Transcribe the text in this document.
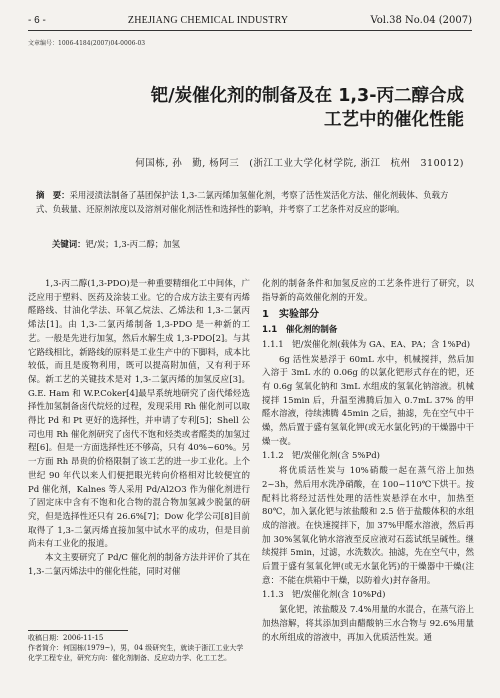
- 6 -	ZHEJIANG CHEMICAL INDUSTRY	Vol.38 No.04 (2007)
文章编号：1006-4184(2007)04-0006-03
钯/炭催化剂的制备及在 1,3-丙二醇合成
工艺中的催化性能
何国栋, 孙　勤, 杨阿三　(浙江工业大学化材学院, 浙江　杭州　310012)
摘　要：采用浸渍法制备了基团保护法 1,3-二氯丙烯加氢催化剂，考察了活性炭活化方法、催化剂载体、负载方式、负载量、还原剂浓度以及溶剂对催化剂活性和选择性的影响，并考察了工艺条件对反应的影响。
关键词：钯/炭；1,3-丙二醇；加氢

1,3-丙二醇(1,3-PDO)是一种重要精细化工中间体，广泛应用于塑料、医药及涂装工业。它的合成方法主要有丙烯醛路线、甘油化学法、环氧乙烷法、乙烯法和 1,3-二氯丙烯法[1]。由 1,3-二氯丙烯制备 1,3-PDO 是一种新的工艺。一般是先进行加氢，然后水解生成 1,3-PDO[2]。与其它路线相比，新路线的原料是工业生产中的下脚料，成本比较低，而且是废物利用，既可以提高附加值，又有利于环保。新工艺的关键技术是对 1,3-二氯丙烯的加氢反应[3]。G.E. Ham 和 W.P.Coker[4]最早系统地研究了卤代烯烃选择性加氢制备卤代烷烃的过程，发现采用 Rh 催化剂可以取得比 Pd 和 Pt 更好的选择性，并申请了专利[5]；Shell 公司也用 Rh 催化剂研究了卤代不饱和烃类或者醛类的加氢过程[6]。但是一方面选择性还不够高，只有 40%~60%。另一方面 Rh 昂贵的价格限制了该工艺的进一步工业化。上个世纪 90 年代以来人们便把眼光转向价格相对比较便宜的 Pd 催化剂，Kalnes 等人采用 Pd/Al2O3 作为催化剂进行了固定床中含有不饱和化合物的混合物加氢减少脱氯的研究，但是选择性还只有 26.6%[7]；Dow 化学公司[8]目前取得了 1,3-二氯丙烯直接加氢中试水平的成功，但是目前尚未有工业化的报道。

本文主要研究了 Pd/C 催化剂的制备方法并评价了其在 1,3-二氯丙烯法中的催化性能，同时对催

化剂的制备条件和加氢反应的工艺条件进行了研究，以指导新的高效催化剂的开发。

1　实验部分
1.1　催化剂的制备
1.1.1　钯/炭催化剂(载体为 GA、EA、PA；含 1%Pd)

6g 活性炭悬浮于 60mL 水中，机械搅拌，然后加入溶于 3mL 水的 0.06g 的以氯化钯形式存在的钯，还有 0.6g 氢氧化钠和 3mL 水组成的氢氧化钠溶液。机械搅拌 15min 后，升温至沸腾后加入 0.7mL 37% 的甲醛水溶液，待续沸腾 45min 之后，抽滤，先在空气中干燥，然后置于盛有氢氧化钾(或无水氯化钙)的干燥器中干燥一夜。

1.1.2　钯/炭催化剂(含 5%Pd)

将优质活性炭与 10%硝酸一起在蒸气浴上加热 2~3h，然后用水洗净硝酸，在 100~110℃下烘干。按配料比将经过活性处理的活性炭悬浮在水中，加热至 80℃，加入氯化钯与浓盐酸和 2.5 倍于盐酸体积的水组成的溶液。在快速搅拌下，加 37%甲醛水溶液，然后再加 30%氢氧化钠水溶液至反应液对石蕊试纸呈碱性。继续搅拌 5min，过滤，水洗数次。抽滤，先在空气中，然后置于盛有氢氧化钾(或无水氯化钙)的干燥器中干燥(注意：不能在烘箱中干燥，以防着火)封存备用。

1.1.3　钯/炭催化剂(含 10%Pd)

氯化钯，浓盐酸及 7.4%用量的水混合，在蒸气浴上加热溶解，将其添加到由醋酸钠三水合物与 92.6%用量的水所组成的溶液中，再加入优质活性炭。通

收稿日期：2006-11-15
作者简介：何国栋(1979~)，男，04 级研究生，就读于浙江工业大学化学工程专业，研究方向：催化剂制备、反应动力学、化工工艺。
